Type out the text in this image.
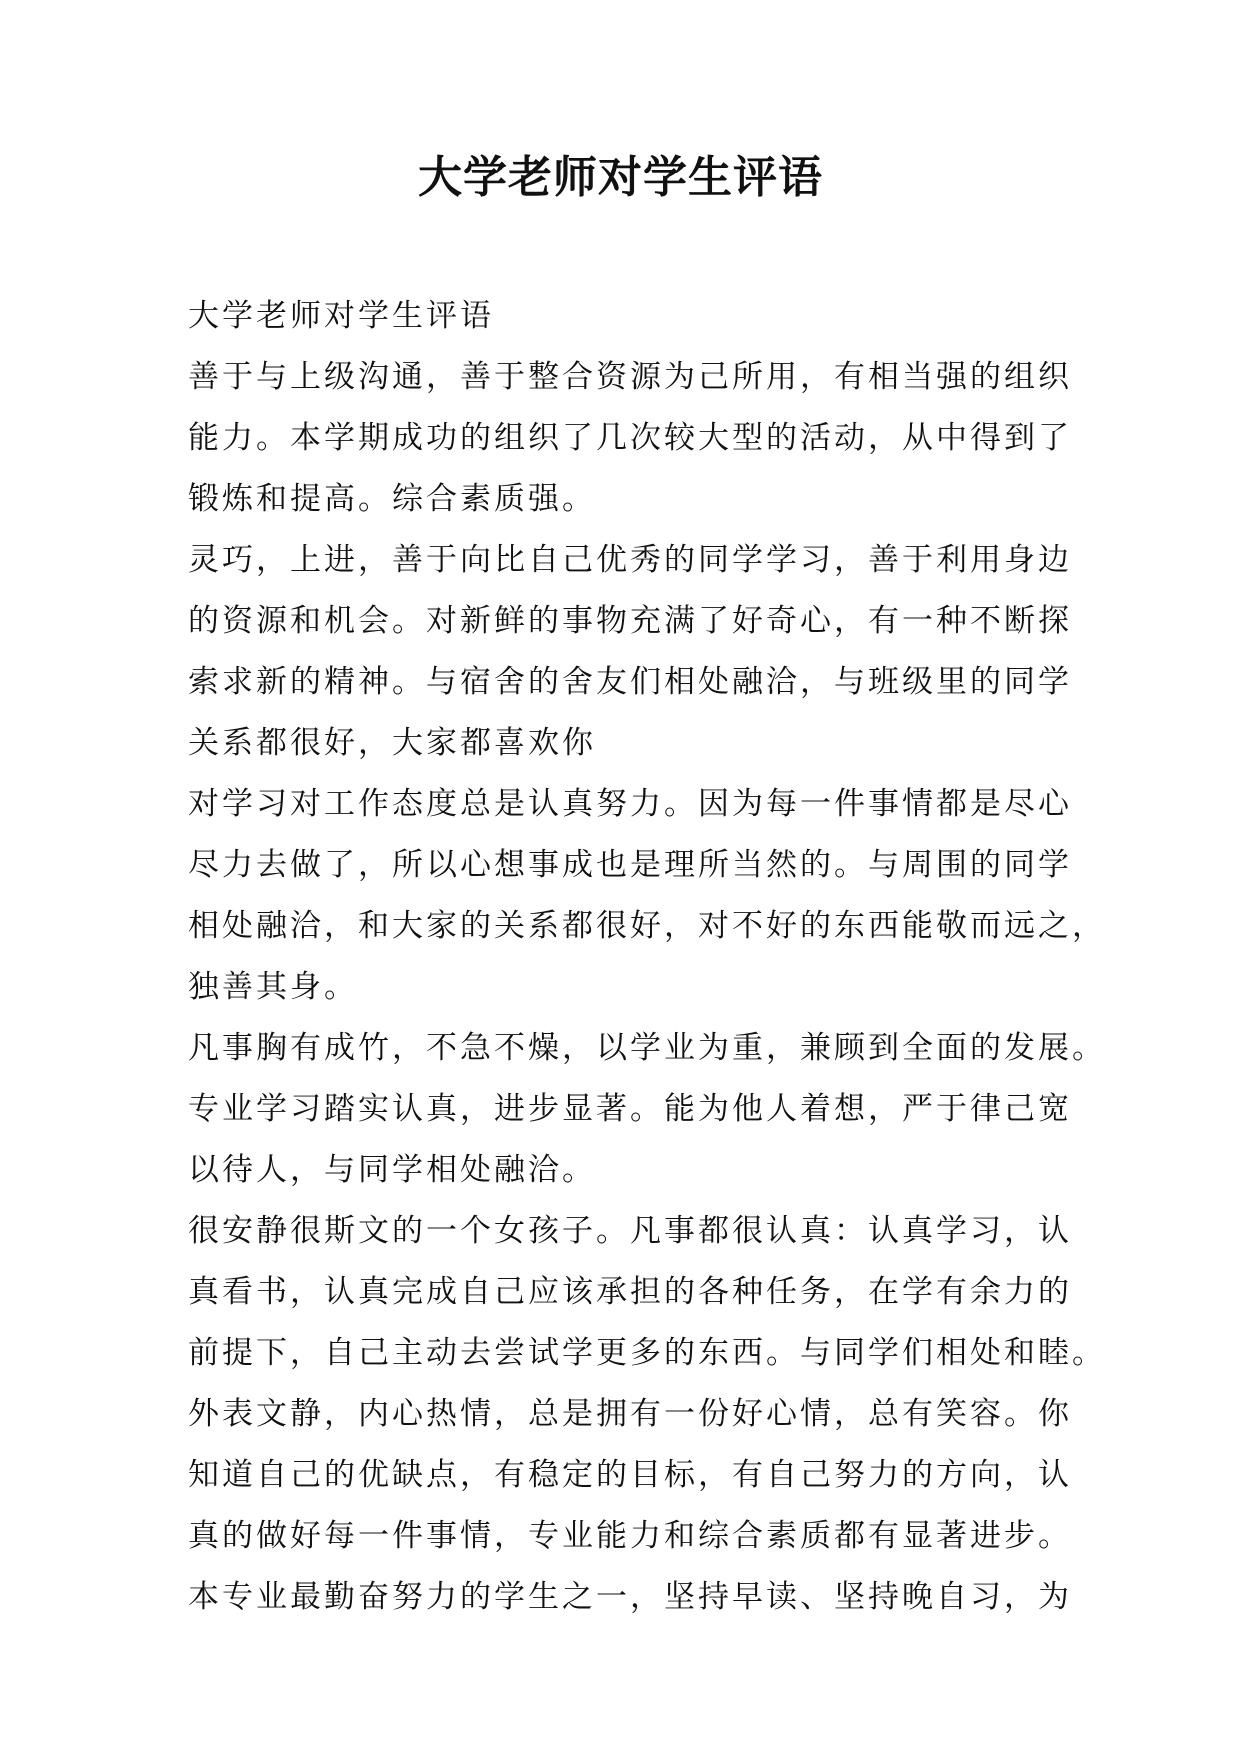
大学老师对学生评语
大学老师对学生评语
善于与上级沟通，善于整合资源为己所用，有相当强的组织
能力。本学期成功的组织了几次较大型的活动，从中得到了
锻炼和提高。综合素质强。
灵巧，上进，善于向比自己优秀的同学学习，善于利用身边
的资源和机会。对新鲜的事物充满了好奇心，有一种不断探
索求新的精神。与宿舍的舍友们相处融洽，与班级里的同学
关系都很好，大家都喜欢你
对学习对工作态度总是认真努力。因为每一件事情都是尽心
尽力去做了，所以心想事成也是理所当然的。与周围的同学
相处融洽，和大家的关系都很好，对不好的东西能敬而远之，
独善其身。
凡事胸有成竹，不急不燥，以学业为重，兼顾到全面的发展。
专业学习踏实认真，进步显著。能为他人着想，严于律己宽
以待人，与同学相处融洽。
很安静很斯文的一个女孩子。凡事都很认真：认真学习，认
真看书，认真完成自己应该承担的各种任务，在学有余力的
前提下，自己主动去尝试学更多的东西。与同学们相处和睦。
外表文静，内心热情，总是拥有一份好心情，总有笑容。你
知道自己的优缺点，有稳定的目标，有自己努力的方向，认
真的做好每一件事情，专业能力和综合素质都有显著进步。
本专业最勤奋努力的学生之一，坚持早读、坚持晚自习，为
